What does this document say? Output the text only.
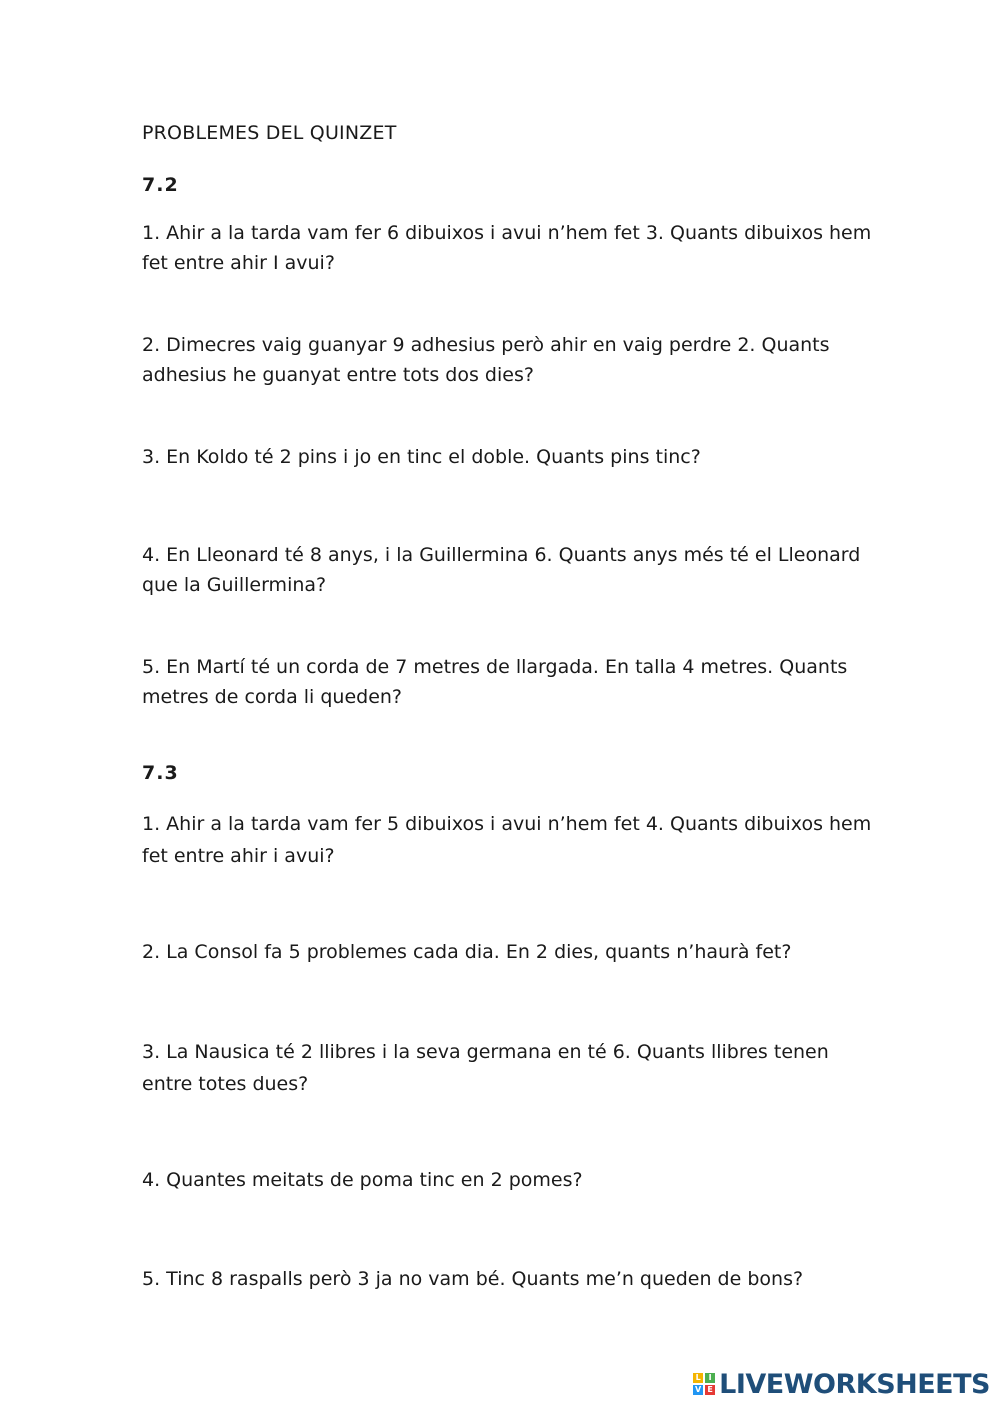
PROBLEMES DEL QUINZET
7.2
1. Ahir a la tarda vam fer 6 dibuixos i avui n’hem fet 3. Quants dibuixos hem fet entre ahir I avui?
2. Dimecres vaig guanyar 9 adhesius però ahir en vaig perdre 2. Quants adhesius he guanyat entre tots dos dies?
3. En Koldo té 2 pins i jo en tinc el doble. Quants pins tinc?
4. En Lleonard té 8 anys, i la Guillermina 6. Quants anys més té el Lleonard que la Guillermina?
5. En Martí té un corda de 7 metres de llargada. En talla 4 metres. Quants metres de corda li queden?
7.3
1. Ahir a la tarda vam fer 5 dibuixos i avui n’hem fet 4. Quants dibuixos hem fet entre ahir i avui?
2. La Consol fa 5 problemes cada dia. En 2 dies, quants n’haurà fet?
3. La Nausica té 2 llibres i la seva germana en té 6. Quants llibres tenen entre totes dues?
4. Quantes meitats de poma tinc en 2 pomes?
5. Tinc 8 raspalls però 3 ja no vam bé. Quants me’n queden de bons?
L I
V E LIVEWORKSHEETS
